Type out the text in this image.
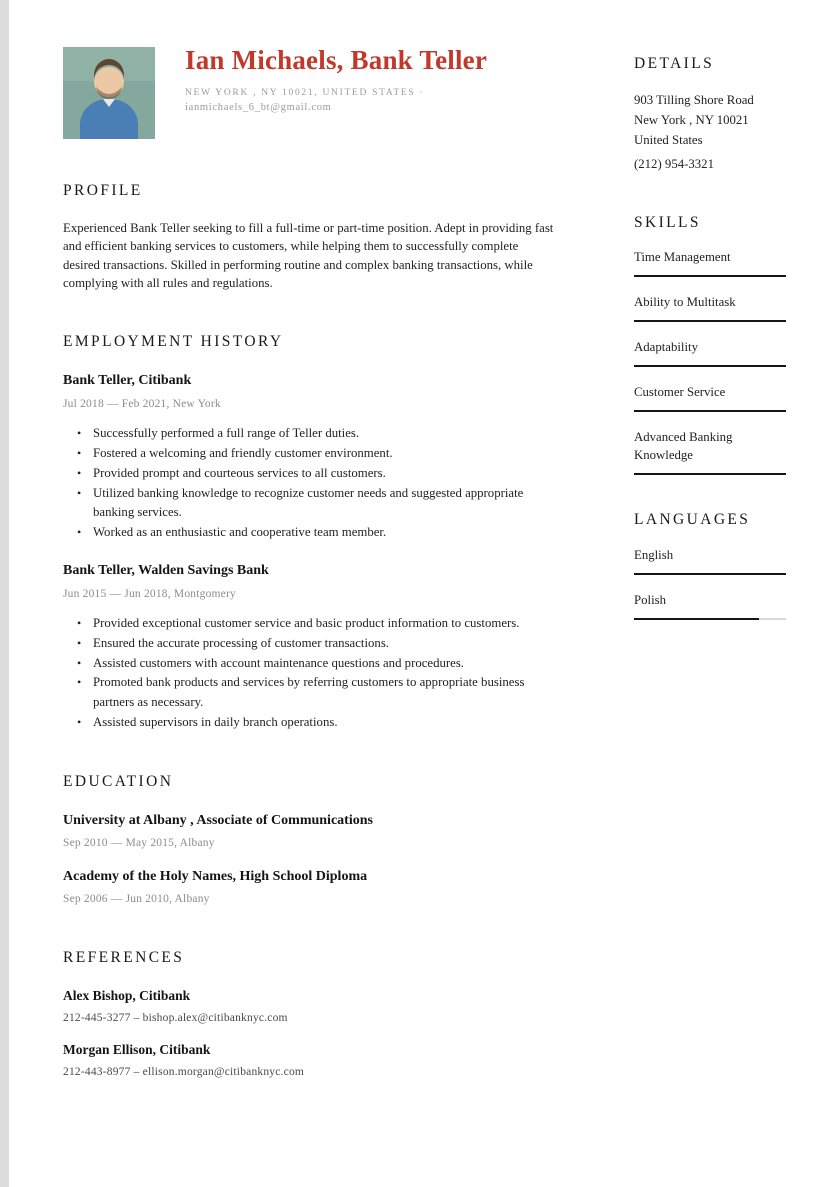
Ian Michaels, Bank Teller
NEW YORK , NY 10021, UNITED STATES ·
ianmichaels_6_bt@gmail.com
PROFILE

Experienced Bank Teller seeking to fill a full-time or part-time position. Adept in providing fast and efficient banking services to customers, while helping them to successfully complete desired transactions. Skilled in performing routine and complex banking transactions, while complying with all rules and regulations.

EMPLOYMENT HISTORY
Bank Teller, Citibank
Jul 2018 — Feb 2021, New York
• Successfully performed a full range of Teller duties.
• Fostered a welcoming and friendly customer environment.
• Provided prompt and courteous services to all customers.
• Utilized banking knowledge to recognize customer needs and suggested appropriate banking services.
• Worked as an enthusiastic and cooperative team member.
Bank Teller, Walden Savings Bank
Jun 2015 — Jun 2018, Montgomery
• Provided exceptional customer service and basic product information to customers.
• Ensured the accurate processing of customer transactions.
• Assisted customers with account maintenance questions and procedures.
• Promoted bank products and services by referring customers to appropriate business partners as necessary.
• Assisted supervisors in daily branch operations.
EDUCATION
University at Albany , Associate of Communications
Sep 2010 — May 2015, Albany
Academy of the Holy Names, High School Diploma
Sep 2006 — Jun 2010, Albany
REFERENCES
Alex Bishop, Citibank
212-445-3277 – bishop.alex@citibanknyc.com
Morgan Ellison, Citibank
212-443-8977 – ellison.morgan@citibanknyc.com
DETAILS
903 Tilling Shore Road
New York , NY 10021
United States
(212) 954-3321
SKILLS
Time Management
Ability to Multitask
Adaptability
Customer Service
Advanced Banking Knowledge
LANGUAGES
English
Polish
